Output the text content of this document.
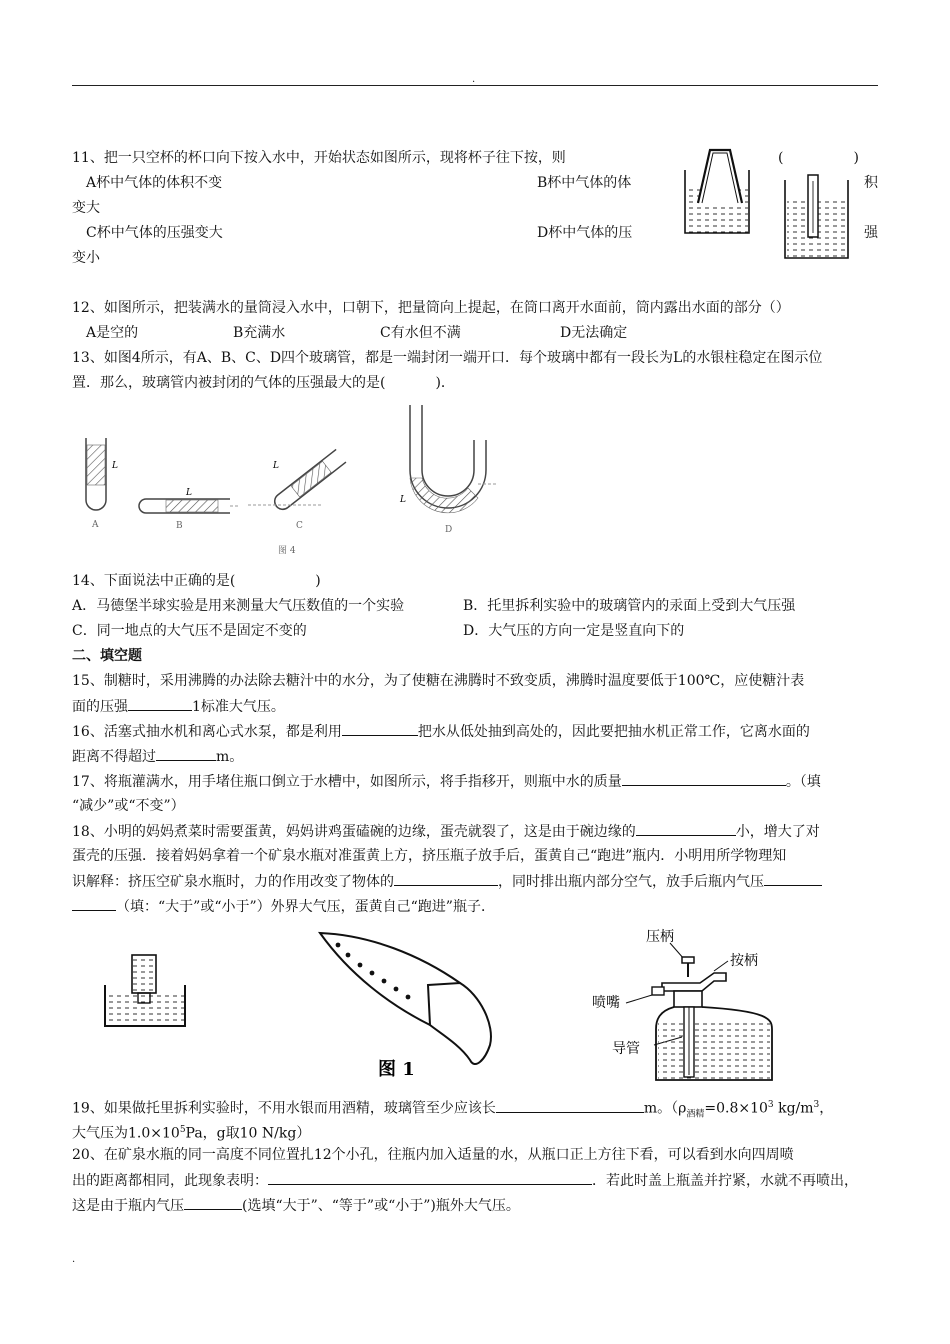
.
11、把一只空杯的杯口向下按入水中，开始状态如图所示，现将杯子往下按，则	(　　　　　)
A杯中气体的体积不变	B杯中气体的体	积
变大
C杯中气体的压强变大	D杯中气体的压	强
变小
12、如图所示，把装满水的量筒浸入水中，口朝下，把量筒向上提起，在筒口离开水面前，筒内露出水面的部分（）
A是空的	B充满水	C有水但不满	D无法确定
13、如图4所示，有A、B、C、D四个玻璃管，都是一端封闭一端开口．每个玻璃中都有一段长为L的水银柱稳定在图示位
置．那么，玻璃管内被封闭的气体的压强最大的是(	)．
L
A
L
B
L
C
L
D
图 4
14、下面说法中正确的是(	)
A．马德堡半球实验是用来测量大气压数值的一个实验	B．托里拆利实验中的玻璃管内的汞面上受到大气压强
C．同一地点的大气压不是固定不变的	D．大气压的方向一定是竖直向下的
二、填空题
15、制糖时，采用沸腾的办法除去糖汁中的水分，为了使糖在沸腾时不致变质，沸腾时温度要低于100℃，应使糖汁表
面的压强	1标准大气压。
16、活塞式抽水机和离心式水泵，都是利用	把水从低处抽到高处的，因此要把抽水机正常工作，它离水面的
距离不得超过	m。
17、将瓶灌满水，用手堵住瓶口倒立于水槽中，如图所示，将手指移开，则瓶中水的质量	。（填
“减少”或“不变”）
18、小明的妈妈煮菜时需要蛋黄，妈妈讲鸡蛋磕碗的边缘，蛋壳就裂了，这是由于碗边缘的	小，增大了对
蛋壳的压强．接着妈妈拿着一个矿泉水瓶对准蛋黄上方，挤压瓶子放手后，蛋黄自己“跑进”瓶内．小明用所学物理知
识解释：挤压空矿泉水瓶时，力的作用改变了物体的	，同时排出瓶内部分空气，放手后瓶内气压
（填：“大于”或“小于”）外界大气压，蛋黄自己“跑进”瓶子．
图 1
压柄
按柄
喷嘴
导管
19、如果做托里拆利实验时，不用水银而用酒精，玻璃管至少应该长	m。（$\rho_{酒精}=0.8\times 10^3$ $kg/m^3$，
大气压为$1.0\times 10^5Pa$，g取10 N/kg）
20、在矿泉水瓶的同一高度不同位置扎12个小孔，往瓶内加入适量的水，从瓶口正上方往下看，可以看到水向四周喷
出的距离都相同，此现象表明：	．若此时盖上瓶盖并拧紧，水就不再喷出，
这是由于瓶内气压	(选填“大于”、“等于”或“小于”)瓶外大气压。
.
